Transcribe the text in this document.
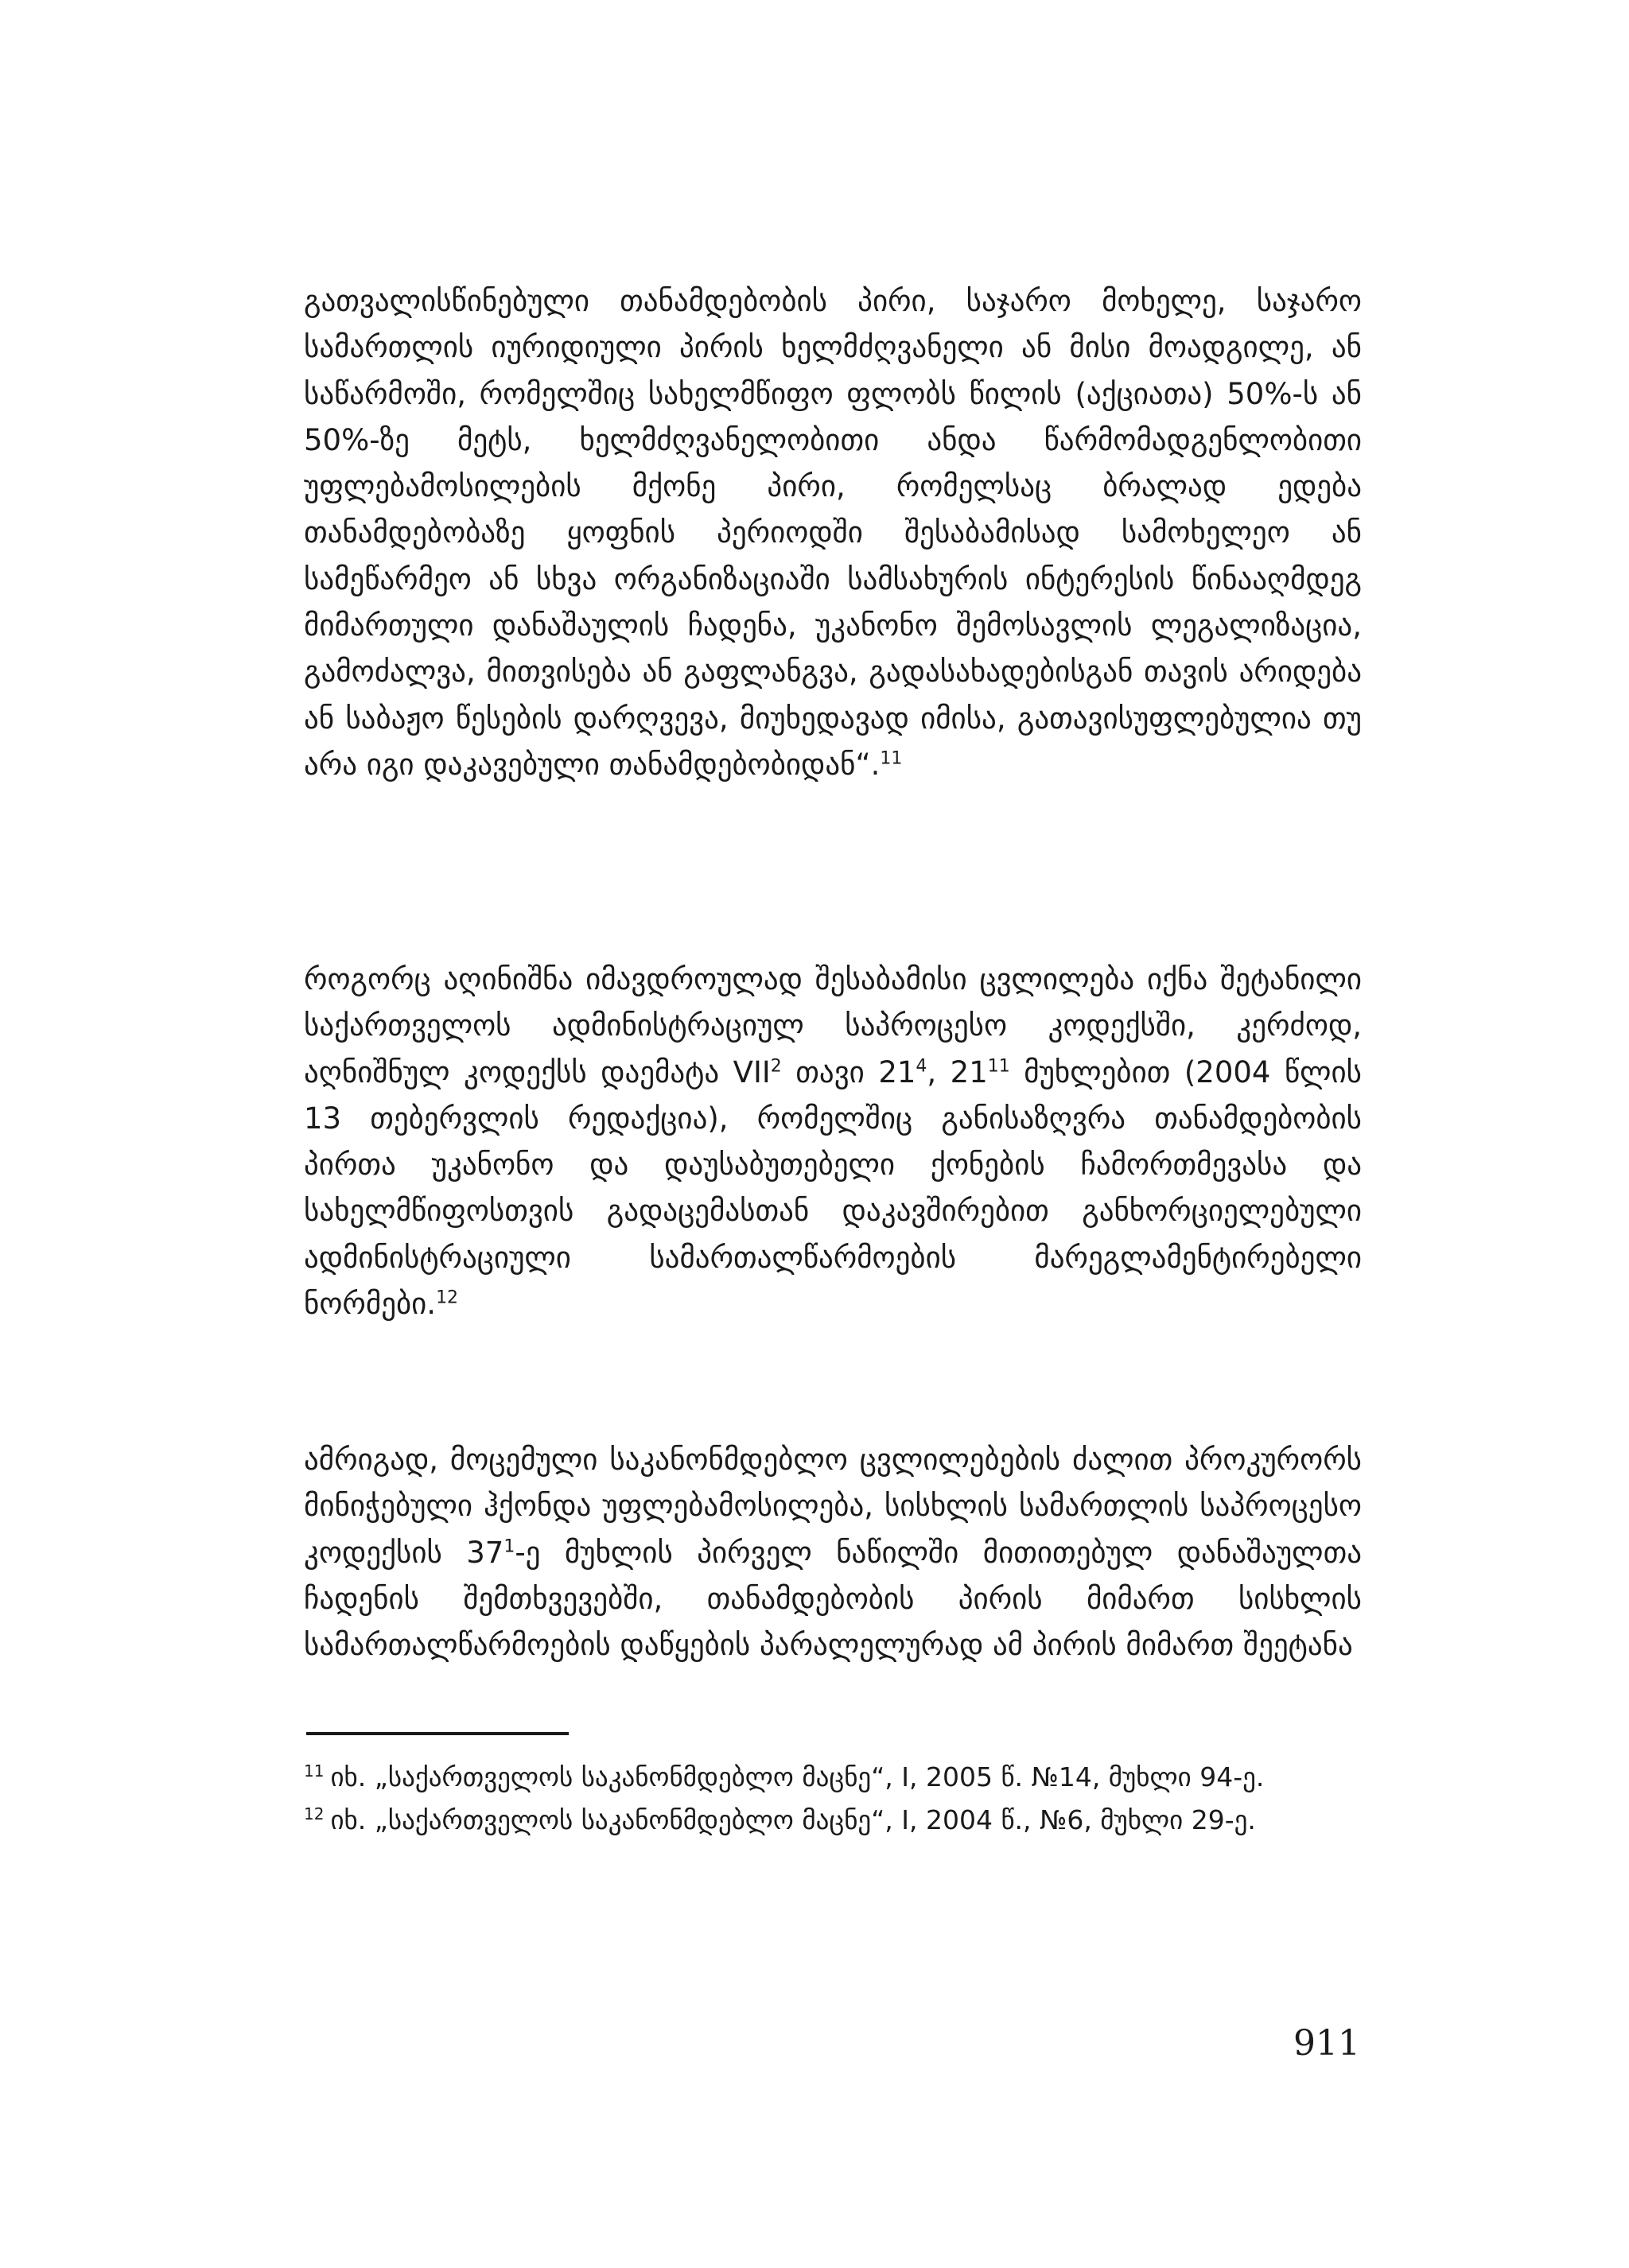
გათვალისწინებული თანამდებობის პირი, საჯარო მოხელე, საჯარო სამართლის იურიდიული პირის ხელმძღვანელი ან მისი მოადგილე, ან საწარმოში, რომელშიც სახელმწიფო ფლობს წილის (აქციათა) 50%-ს ან 50%-ზე მეტს, ხელმძღვანელობითი ანდა წარმომადგენლობითი უფლებამოსილების მქონე პირი, რომელსაც ბრალად ედება თანამდებობაზე ყოფნის პერიოდში შესაბამისად სამოხელეო ან სამეწარმეო ან სხვა ორგანიზაციაში სამსახურის ინტერესის წინააღმდეგ მიმართული დანაშაულის ჩადენა, უკანონო შემოსავლის ლეგალიზაცია, გამოძალვა, მითვისება ან გაფლანგვა, გადასახადებისგან თავის არიდება ან საბაჟო წესების დარღვევა, მიუხედავად იმისა, გათავისუფლებულია თუ არა იგი დაკავებული თანამდებობიდან“.$^{11}$

როგორც აღინიშნა იმავდროულად შესაბამისი ცვლილება იქნა შეტანილი საქართველოს ადმინისტრაციულ საპროცესო კოდექსში, კერძოდ, აღნიშნულ კოდექსს დაემატა VII$^2$ თავი $21^4$, $21^{11}$ მუხლებით (2004 წლის 13 თებერვლის რედაქცია), რომელშიც განისაზღვრა თანამდებობის პირთა უკანონო და დაუსაბუთებელი ქონების ჩამორთმევასა და სახელმწიფოსთვის გადაცემასთან დაკავშირებით განხორციელებული ადმინისტრაციული სამართალწარმოების მარეგლამენტირებელი ნორმები.$^{12}$

ამრიგად, მოცემული საკანონმდებლო ცვლილებების ძალით პროკურორს მინიჭებული ჰქონდა უფლებამოსილება, სისხლის სამართლის საპროცესო კოდექსის $37^1-ე$ მუხლის პირველ ნაწილში მითითებულ დანაშაულთა ჩადენის შემთხვევებში, თანამდებობის პირის მიმართ სისხლის სამართალწარმოების დაწყების პარალელურად ამ პირის მიმართ შეეტანა

$^{11}$ იხ. „საქართველოს საკანონმდებლო მაცნე“, I, 2005 წ. №14, მუხლი 94-ე.

$^{12}$ იხ. „საქართველოს საკანონმდებლო მაცნე“, I, 2004 წ., №6, მუხლი 29-ე.

911
